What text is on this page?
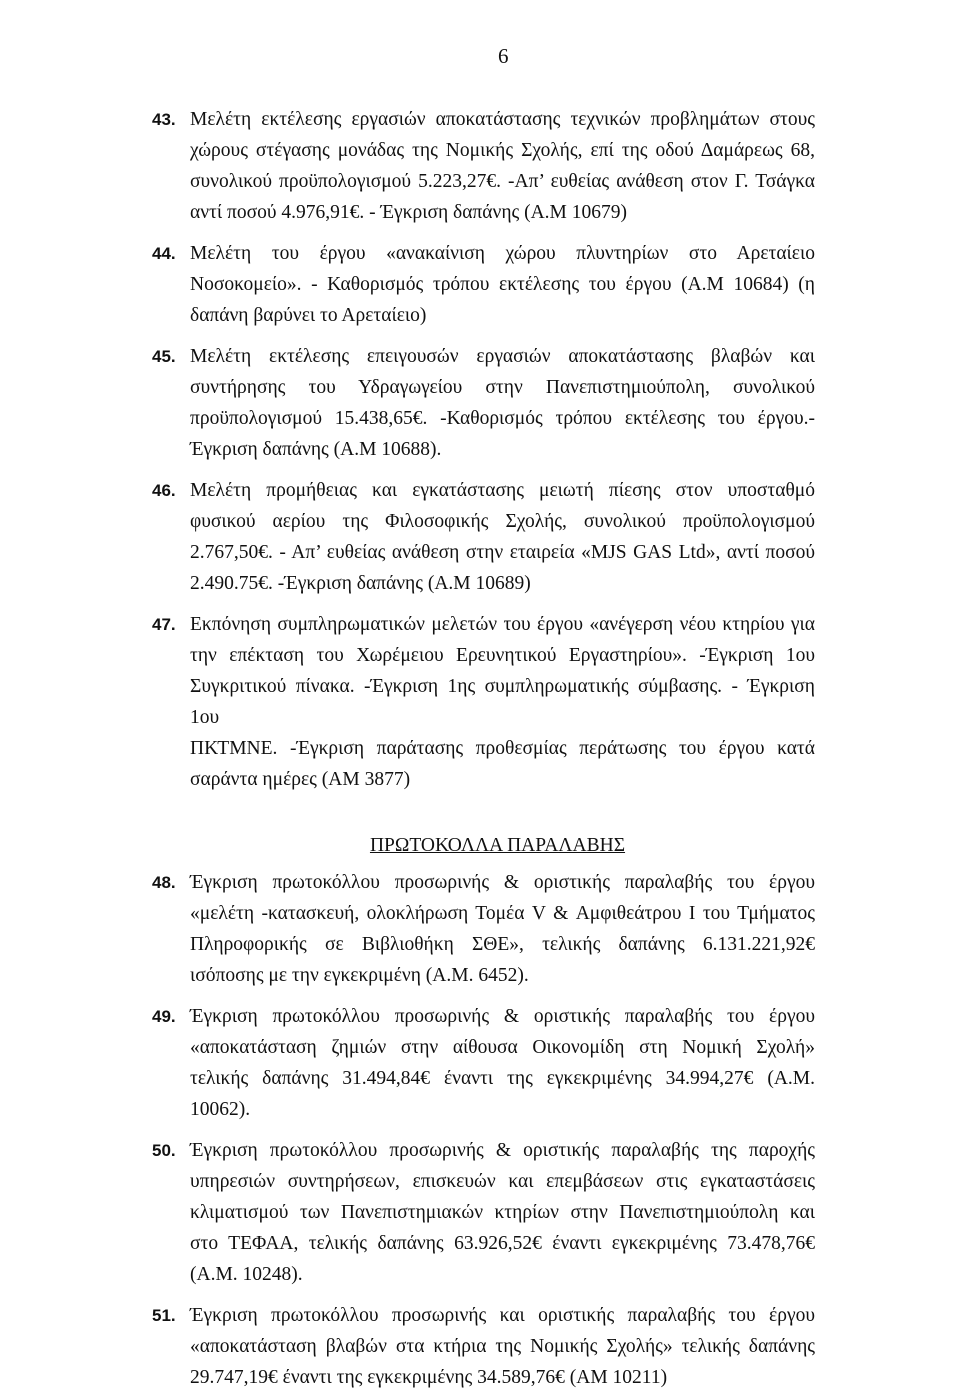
6
43. Μελέτη εκτέλεσης εργασιών αποκατάστασης τεχνικών προβλημάτων στους
χώρους στέγασης μονάδας της Νομικής Σχολής, επί της οδού Δαμάρεως 68,
συνολικού προϋπολογισμού 5.223,27€. -Απ’ ευθείας ανάθεση στον Γ. Τσάγκα
αντί ποσού 4.976,91€. - Έγκριση δαπάνης (Α.Μ 10679)
44. Μελέτη του έργου «ανακαίνιση χώρου πλυντηρίων στο Αρεταίειο
Νοσοκομείο». - Καθορισμός τρόπου εκτέλεσης του έργου (Α.Μ 10684) (η
δαπάνη βαρύνει το Αρεταίειο)
45. Μελέτη εκτέλεσης επειγουσών εργασιών αποκατάστασης βλαβών και
συντήρησης του Υδραγωγείου στην Πανεπιστημιούπολη, συνολικού
προϋπολογισμού 15.438,65€. -Καθορισμός τρόπου εκτέλεσης του έργου.-
Έγκριση δαπάνης (Α.Μ 10688).
46. Μελέτη προμήθειας και εγκατάστασης μειωτή πίεσης στον υποσταθμό
φυσικού αερίου της Φιλοσοφικής Σχολής, συνολικού προϋπολογισμού
2.767,50€. - Απ’ ευθείας ανάθεση στην εταιρεία «MJS GAS Ltd», αντί ποσού
2.490.75€. -Έγκριση δαπάνης (Α.Μ 10689)
47. Εκπόνηση συμπληρωματικών μελετών του έργου «ανέγερση νέου κτηρίου για
την επέκταση του Χωρέμειου Ερευνητικού Εργαστηρίου». -Έγκριση 1ου
Συγκριτικού πίνακα. -Έγκριση 1ης συμπληρωματικής σύμβασης. - Έγκριση 1ου
ΠΚΤΜΝΕ. -Έγκριση παράτασης προθεσμίας περάτωσης του έργου κατά
σαράντα ημέρες (ΑΜ 3877)
ΠΡΩΤΟΚΟΛΛΑ ΠΑΡΑΛΑΒΗΣ
48. Έγκριση πρωτοκόλλου προσωρινής & οριστικής παραλαβής του έργου
«μελέτη -κατασκευή, ολοκλήρωση Τομέα V & Αμφιθεάτρου Ι του Τμήματος
Πληροφορικής σε Βιβλιοθήκη ΣΘΕ», τελικής δαπάνης 6.131.221,92€
ισόποσης με την εγκεκριμένη (Α.Μ. 6452).
49. Έγκριση πρωτοκόλλου προσωρινής & οριστικής παραλαβής του έργου
«αποκατάσταση ζημιών στην αίθουσα Οικονομίδη στη Νομική Σχολή»
τελικής δαπάνης 31.494,84€ έναντι της εγκεκριμένης 34.994,27€ (Α.Μ.
10062).
50. Έγκριση πρωτοκόλλου προσωρινής & οριστικής παραλαβής της παροχής
υπηρεσιών συντηρήσεων, επισκευών και επεμβάσεων στις εγκαταστάσεις
κλιματισμού των Πανεπιστημιακών κτηρίων στην Πανεπιστημιούπολη και
στο ΤΕΦΑΑ, τελικής δαπάνης 63.926,52€ έναντι εγκεκριμένης 73.478,76€
(Α.Μ. 10248).
51. Έγκριση πρωτοκόλλου προσωρινής και οριστικής παραλαβής του έργου
«αποκατάσταση βλαβών στα κτήρια της Νομικής Σχολής» τελικής δαπάνης
29.747,19€ έναντι της εγκεκριμένης 34.589,76€ (ΑΜ 10211)
